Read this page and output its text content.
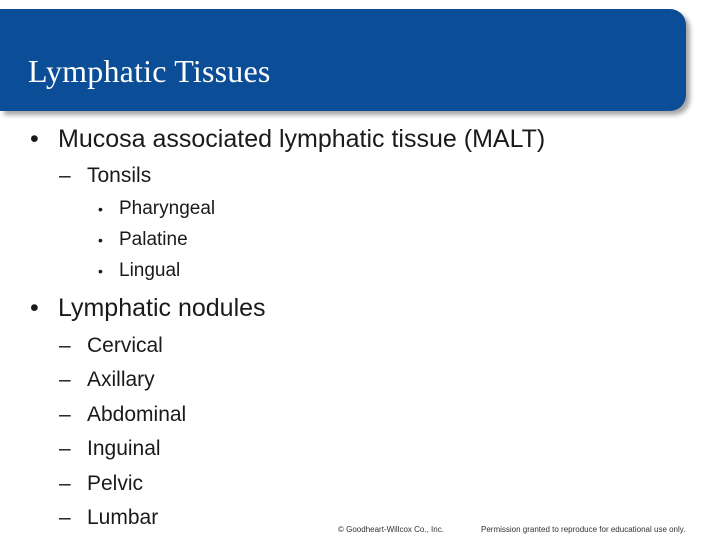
Lymphatic Tissues
• Mucosa associated lymphatic tissue (MALT)
– Tonsils
• Pharyngeal
• Palatine
• Lingual
• Lymphatic nodules
– Cervical
– Axillary
– Abdominal
– Inguinal
– Pelvic
– Lumbar
© Goodheart-Willcox Co., Inc.	Permission granted to reproduce for educational use only.
